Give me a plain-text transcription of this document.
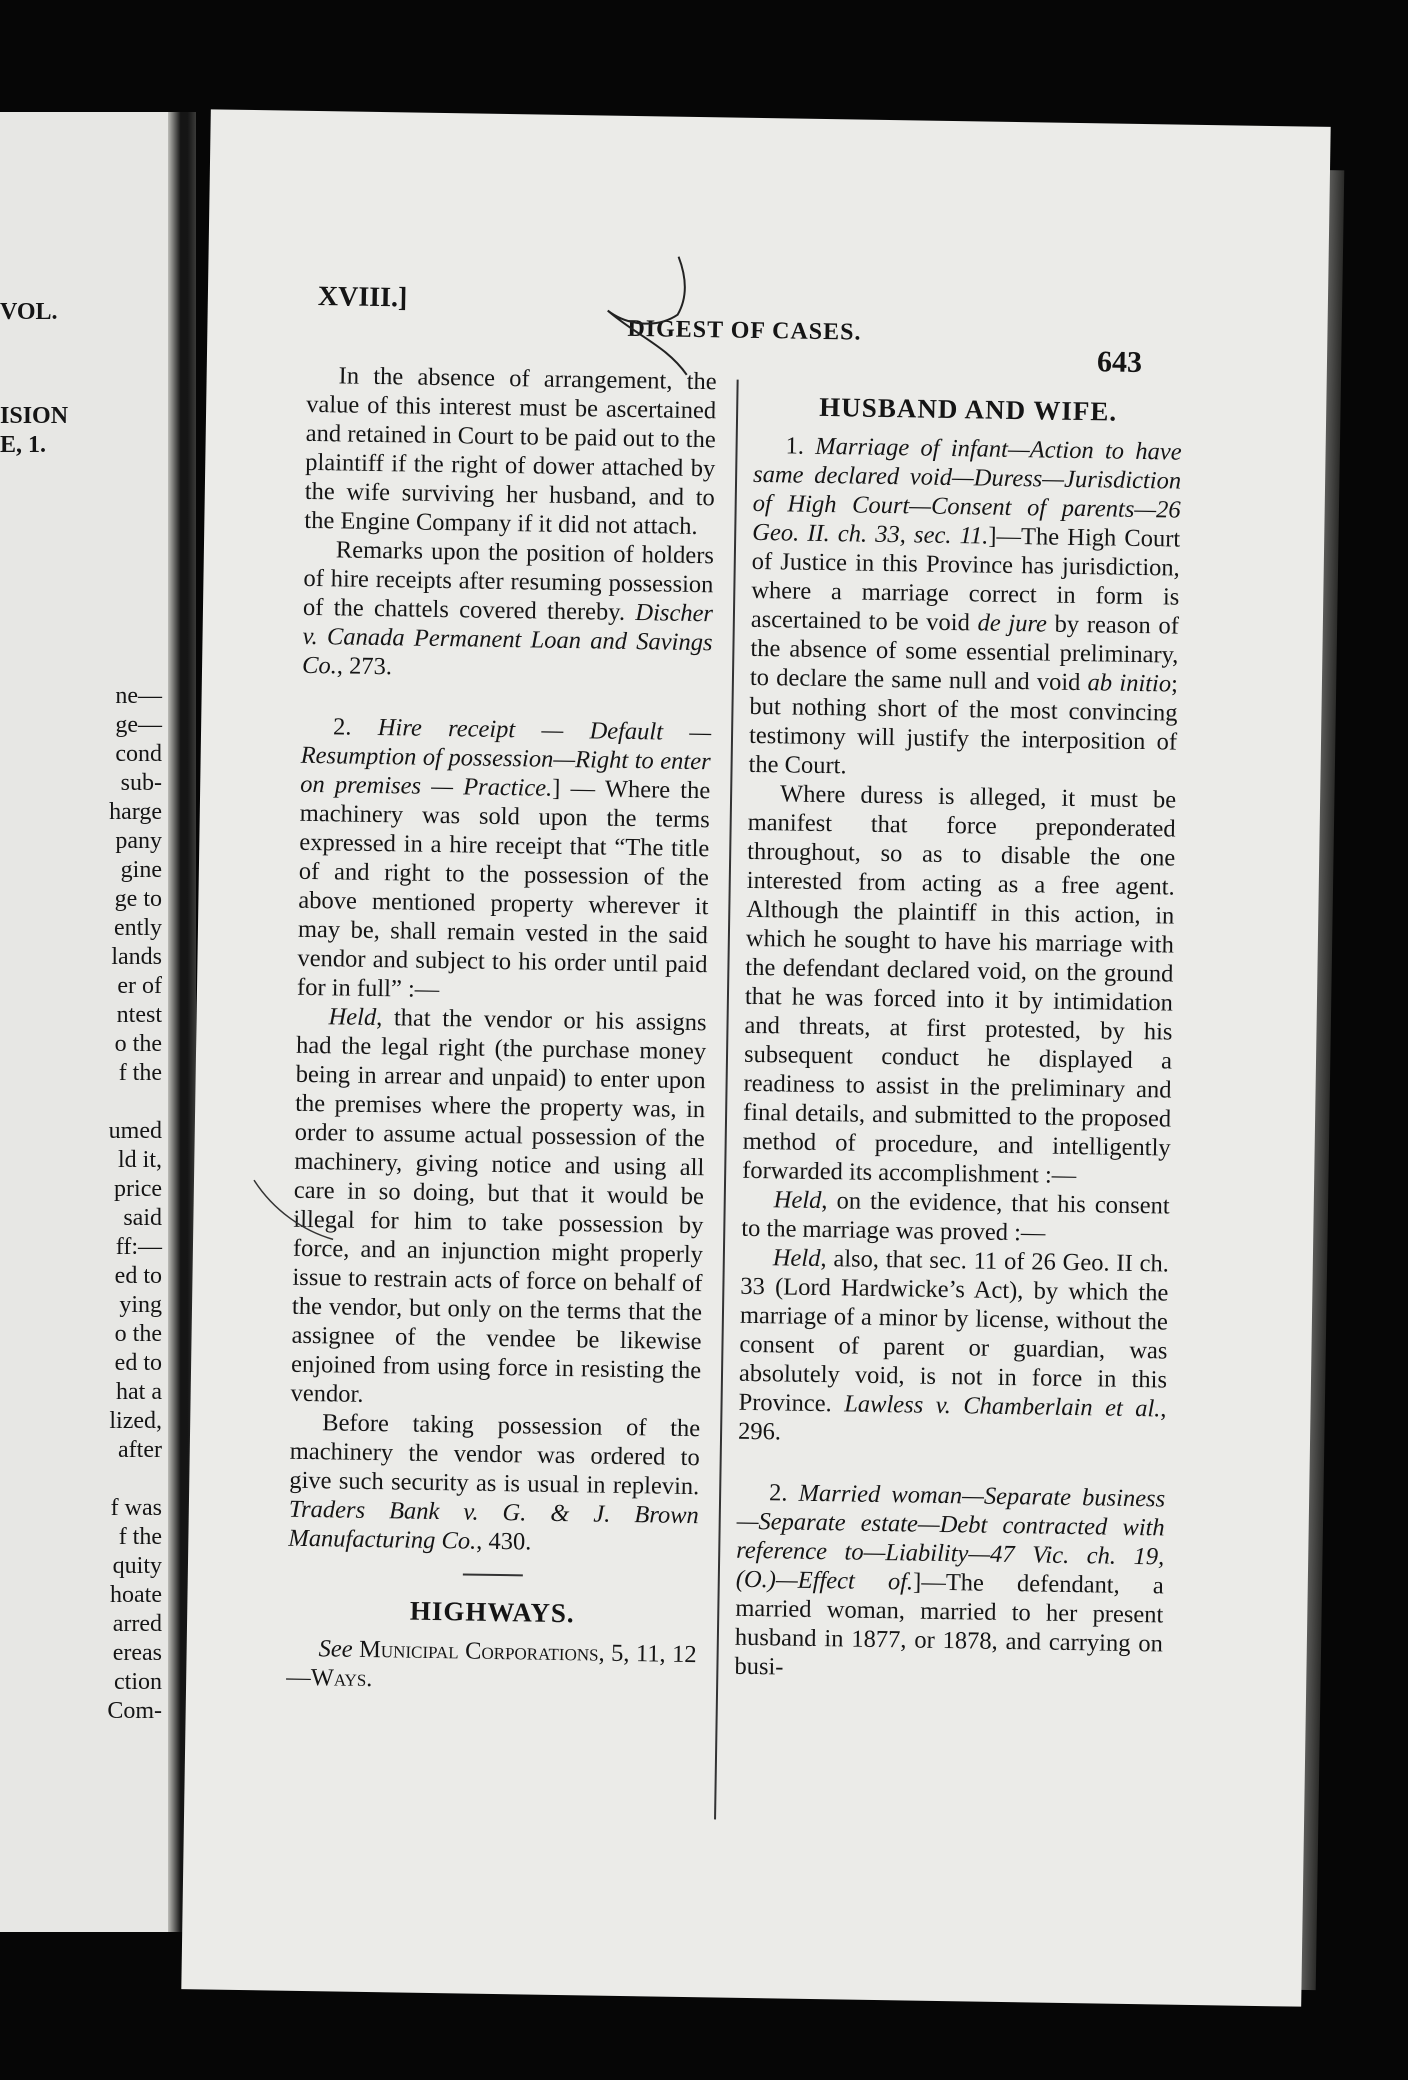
VOL.
ISION
E, 1.
ne—
ge—
cond
sub-
harge
pany
gine
ge to
ently
lands
er of
ntest
o the
f the

umed
ld it,
price
said
ff:—
ed to
ying
o the
ed to
hat a
lized,
after

f was
f the
quity
hoate
arred
ereas
ction
Com-
XVIII.]
DIGEST OF CASES.
643

In the absence of arrangement, the value of this interest must be ascertained and retained in Court to be paid out to the plaintiff if the right of dower attached by the wife surviving her husband, and to the Engine Company if it did not attach.

Remarks upon the position of holders of hire receipts after resuming possession of the chattels covered thereby. Discher v. Canada Permanent Loan and Savings Co., 273.

2. Hire receipt — Default — Resumption of possession—Right to enter on premises — Practice.] — Where the machinery was sold upon the terms expressed in a hire receipt that “The title of and right to the possession of the above mentioned property wherever it may be, shall remain vested in the said vendor and subject to his order until paid for in full” :—

Held, that the vendor or his assigns had the legal right (the purchase money being in arrear and unpaid) to enter upon the premises where the property was, in order to assume actual possession of the machinery, giving notice and using all care in so doing, but that it would be illegal for him to take possession by force, and an injunction might properly issue to restrain acts of force on behalf of the vendor, but only on the terms that the assignee of the vendee be likewise enjoined from using force in resisting the vendor.

Before taking possession of the machinery the vendor was ordered to give such security as is usual in replevin. Traders Bank v. G. & J. Brown Manufacturing Co., 430.

HIGHWAYS.

See Municipal Corporations, 5, 11, 12—Ways.

HUSBAND AND WIFE.

1. Marriage of infant—Action to have same declared void—Duress—Jurisdiction of High Court—Consent of parents—26 Geo. II. ch. 33, sec. 11.]—The High Court of Justice in this Province has jurisdiction, where a marriage correct in form is ascertained to be void de jure by reason of the absence of some essential preliminary, to declare the same null and void ab initio; but nothing short of the most convincing testimony will justify the interposition of the Court.

Where duress is alleged, it must be manifest that force preponderated throughout, so as to disable the one interested from acting as a free agent. Although the plaintiff in this action, in which he sought to have his marriage with the defendant declared void, on the ground that he was forced into it by intimidation and threats, at first protested, by his subsequent conduct he displayed a readiness to assist in the preliminary and final details, and submitted to the proposed method of procedure, and intelligently forwarded its accomplishment :—

Held, on the evidence, that his consent to the marriage was proved :—

Held, also, that sec. 11 of 26 Geo. II ch. 33 (Lord Hardwicke’s Act), by which the marriage of a minor by license, without the consent of parent or guardian, was absolutely void, is not in force in this Province. Lawless v. Chamberlain et al., 296.

2. Married woman—Separate business—Separate estate—Debt contracted with reference to—Liability—47 Vic. ch. 19, (O.)—Effect of.]—The defendant, a married woman, married to her present husband in 1877, or 1878, and carrying on busi-
